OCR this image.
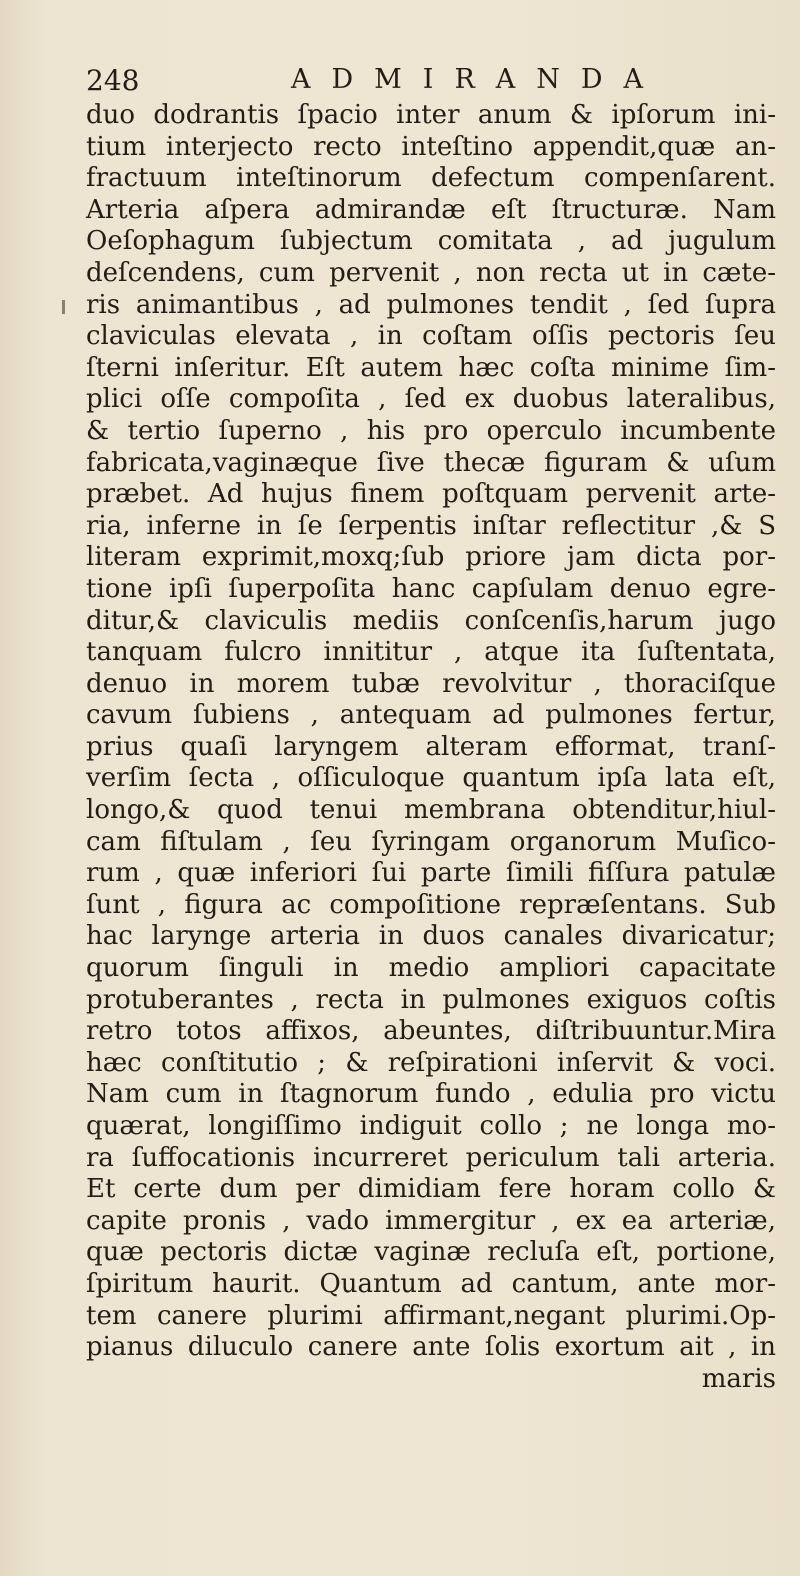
248	ADMIRANDA
duo dodrantis ſpacio inter anum & ipſorum ini-
tium interjecto recto inteſtino appendit,quæ an-
fractuum inteſtinorum defectum compenſarent.
Arteria aſpera admirandæ eſt ſtructuræ. Nam
Oeſophagum ſubjectum comitata , ad jugulum
deſcendens, cum pervenit , non recta ut in cæte-
ris animantibus , ad pulmones tendit , ſed ſupra
claviculas elevata , in coſtam oſſis pectoris ſeu
ſterni inſeritur. Eſt autem hæc coſta minime ſim-
plici oſſe compoſita , ſed ex duobus lateralibus,
& tertio ſuperno , his pro operculo incumbente
fabricata,vaginæque ſive thecæ figuram & uſum
præbet. Ad hujus finem poſtquam pervenit arte-
ria, inferne in ſe ſerpentis inſtar reflectitur ,& S
literam exprimit,moxq;ſub priore jam dicta por-
tione ipſi ſuperpoſita hanc capſulam denuo egre-
ditur,& claviculis mediis conſcenſis,harum jugo
tanquam fulcro innititur , atque ita ſuſtentata,
denuo in morem tubæ revolvitur , thoraciſque
cavum ſubiens , antequam ad pulmones fertur,
prius quaſi laryngem alteram efformat, tranſ-
verſim ſecta , oſſiculoque quantum ipſa lata eſt,
longo,& quod tenui membrana obtenditur,hiul-
cam fiſtulam , ſeu ſyringam organorum Muſico-
rum , quæ inferiori ſui parte ſimili fiſſura patulæ
ſunt , figura ac compoſitione repræſentans. Sub
hac larynge arteria in duos canales divaricatur;
quorum ſinguli in medio ampliori capacitate
protuberantes , recta in pulmones exiguos coſtis
retro totos affixos, abeuntes, diſtribuuntur.Mira
hæc conſtitutio ; & reſpirationi inſervit & voci.
Nam cum in ſtagnorum fundo , edulia pro victu
quærat, longiſſimo indiguit collo ; ne longa mo-
ra ſuffocationis incurreret periculum tali arteria.
Et certe dum per dimidiam fere horam collo &
capite pronis , vado immergitur , ex ea arteriæ,
quæ pectoris dictæ vaginæ recluſa eſt, portione,
ſpiritum haurit. Quantum ad cantum, ante mor-
tem canere plurimi affirmant,negant plurimi.Op-
pianus diluculo canere ante ſolis exortum ait , in
maris
